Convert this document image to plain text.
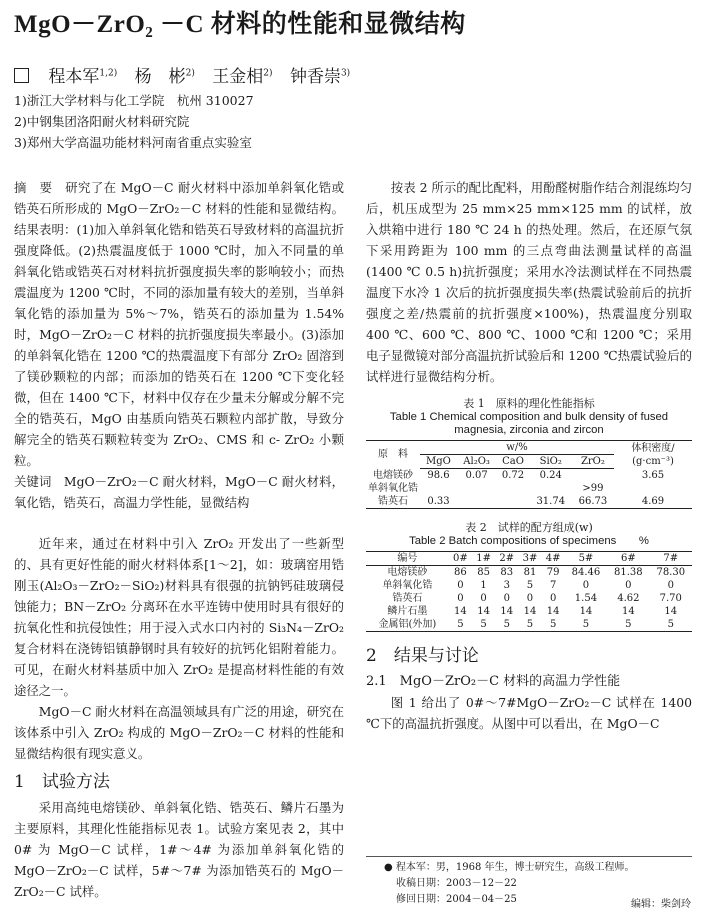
MgO－ZrO₂ －C 材料的性能和显微结构
程本军$^{1,2)}$ 杨　彬$^{2)}$ 王金相$^{2)}$ 钟香崇$^{3)}$
1)浙江大学材料与化工学院　杭州 310027
2)中钢集团洛阳耐火材料研究院
3)郑州大学高温功能材料河南省重点实验室

摘　要　 研究了在 MgO－C 耐火材料中添加单斜氧化锆或锆英石所形成的 MgO－ZrO₂－C 材料的性能和显微结构。结果表明：(1)加入单斜氧化锆和锆英石导致材料的高温抗折强度降低。(2)热震温度低于 1000 ℃时，加入不同量的单斜氧化锆或锆英石对材料抗折强度损失率的影响较小；而热震温度为 1200 ℃时，不同的添加量有较大的差别，当单斜氧化锆的添加量为 5%～7%，锆英石的添加量为 1.54%时，MgO－ZrO₂－C 材料的抗折强度损失率最小。(3)添加的单斜氧化锆在 1200 ℃的热震温度下有部分 ZrO₂ 固溶到了镁砂颗粒的内部；而添加的锆英石在 1200 ℃下变化轻微，但在 1400 ℃下，材料中仅存在少量未分解或分解不完全的锆英石，MgO 由基质向锆英石颗粒内部扩散，导致分解完全的锆英石颗粒转变为 ZrO₂、CMS 和 c- ZrO₂ 小颗粒。

关键词　 MgO－ZrO₂－C 耐火材料，MgO－C 耐火材料，氧化锆，锆英石，高温力学性能，显微结构

近年来，通过在材料中引入 ZrO₂ 开发出了一些新型的、具有更好性能的耐火材料体系[1～2]，如：玻璃窑用锆刚玉(Al₂O₃－ZrO₂－SiO₂)材料具有很强的抗钠钙硅玻璃侵蚀能力；BN－ZrO₂ 分离环在水平连铸中使用时具有很好的抗氧化性和抗侵蚀性；用于浸入式水口内衬的 Si₃N₄－ZrO₂ 复合材料在浇铸铝镇静钢时具有较好的抗钙化铝附着能力。可见，在耐火材料基质中加入 ZrO₂ 是提高材料性能的有效途径之一。

MgO－C 耐火材料在高温领域具有广泛的用途，研究在该体系中引入 ZrO₂ 构成的 MgO－ZrO₂－C 材料的性能和显微结构很有现实意义。

1　试验方法

采用高纯电熔镁砂、单斜氧化锆、锆英石、鳞片石墨为主要原料，其理化性能指标见表 1。试验方案见表 2，其中 0# 为 MgO－C 试样，1#～4# 为添加单斜氧化锆的 MgO－ZrO₂－C 试样，5#～7# 为添加锆英石的 MgO－ZrO₂－C 试样。

按表 2 所示的配比配料，用酚醛树脂作结合剂混练均匀后，机压成型为 25 mm×25 mm×125 mm 的试样，放入烘箱中进行 180 ℃ 24 h 的热处理。然后，在还原气氛下采用跨距为 100 mm 的三点弯曲法测量试样的高温(1400 ℃ 0.5 h)抗折强度；采用水冷法测试样在不同热震温度下水冷 1 次后的抗折强度损失率(热震试验前后的抗折强度之差/热震前的抗折强度×100%)，热震温度分别取 400 ℃、600 ℃、800 ℃、1000 ℃和 1200 ℃；采用电子显微镜对部分高温抗折试验后和 1200 ℃热震试验后的试样进行显微结构分析。

表 1　原料的理化性能指标
Table 1 Chemical composition and bulk density of fused magnesia, zirconia and zircon
原　料	w/%					体积密度/ (g·cm⁻³)
	MgO	Al₂O₃	CaO	SiO₂	ZrO₂	
电熔镁砂	98.6	0.07	0.72	0.24		3.65
单斜氧化锆					>99	
锆英石	0.33			31.74	66.73	4.69
表 2　试样的配方组成(w)
Table 2 Batch compositions of specimens　　 %
编号	0#	1#	2#	3#	4#	5#	6#	7#
电熔镁砂	86	85	83	81	79	84.46	81.38	78.30
单斜氧化锆	0	1	3	5	7	0	0	0
锆英石	0	0	0	0	0	1.54	4.62	7.70
鳞片石墨	14	14	14	14	14	14	14	14
金属铝(外加)	5	5	5	5	5	5	5	5
2　结果与讨论
2.1　MgO－ZrO₂－C 材料的高温力学性能

图 1 给出了 0#～7#MgO－ZrO₂－C 试样在 1400 ℃下的高温抗折强度。从图中可以看出，在 MgO－C

● 程本军：男，1968 年生，博士研究生，高级工程师。
收稿日期：2003－12－22
修回日期：2004－04－25	编辑：柴剑玲
